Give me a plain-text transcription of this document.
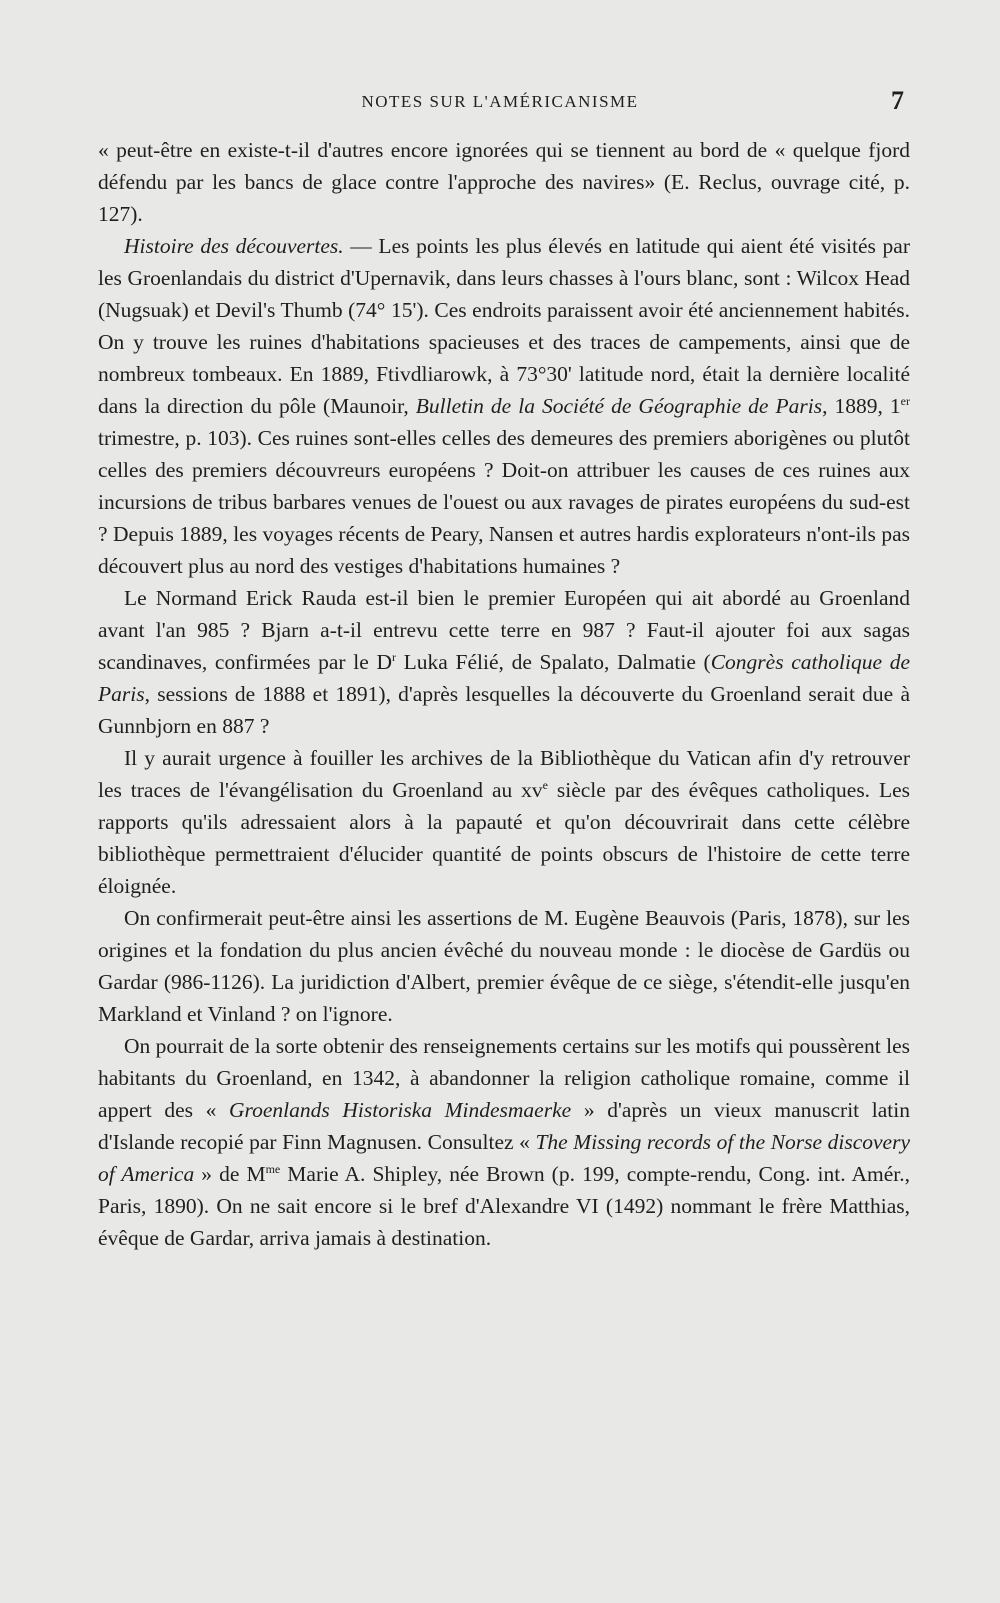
NOTES SUR L'AMÉRICANISME	7

« peut-être en existe-t-il d'autres encore ignorées qui se tiennent au bord de « quelque fjord défendu par les bancs de glace contre l'approche des navires» (E. Reclus, ouvrage cité, p. 127).

Histoire des découvertes. — Les points les plus élevés en latitude qui aient été visités par les Groenlandais du district d'Upernavik, dans leurs chasses à l'ours blanc, sont : Wilcox Head (Nugsuak) et Devil's Thumb (74° 15'). Ces endroits paraissent avoir été anciennement habités. On y trouve les ruines d'habitations spacieuses et des traces de campements, ainsi que de nombreux tombeaux. En 1889, Ftivdliarowk, à 73°30' latitude nord, était la dernière localité dans la direction du pôle (Maunoir, Bulletin de la Société de Géographie de Paris, 1889, 1er trimestre, p. 103). Ces ruines sont-elles celles des demeures des premiers aborigènes ou plutôt celles des premiers découvreurs européens ? Doit-on attribuer les causes de ces ruines aux incursions de tribus barbares venues de l'ouest ou aux ravages de pirates européens du sud-est ? Depuis 1889, les voyages récents de Peary, Nansen et autres hardis explorateurs n'ont-ils pas découvert plus au nord des vestiges d'habitations humaines ?

Le Normand Erick Rauda est-il bien le premier Européen qui ait abordé au Groenland avant l'an 985 ? Bjarn a-t-il entrevu cette terre en 987 ? Faut-il ajouter foi aux sagas scandinaves, confirmées par le $D^r$ Luka Félié, de Spalato, Dalmatie (Congrès catholique de Paris, sessions de 1888 et 1891), d'après lesquelles la découverte du Groenland serait due à Gunnbjorn en 887 ?

Il y aurait urgence à fouiller les archives de la Bibliothèque du Vatican afin d'y retrouver les traces de l'évangélisation du Groenland au $xv^e$ siècle par des évêques catholiques. Les rapports qu'ils adressaient alors à la papauté et qu'on découvrirait dans cette célèbre bibliothèque permettraient d'élucider quantité de points obscurs de l'histoire de cette terre éloignée.

On confirmerait peut-être ainsi les assertions de M. Eugène Beauvois (Paris, 1878), sur les origines et la fondation du plus ancien évêché du nouveau monde : le diocèse de Gardüs ou Gardar (986-1126). La juridiction d'Albert, premier évêque de ce siège, s'étendit-elle jusqu'en Markland et Vinland ? on l'ignore.

On pourrait de la sorte obtenir des renseignements certains sur les motifs qui poussèrent les habitants du Groenland, en 1342, à abandonner la religion catholique romaine, comme il appert des « Groenlands Historiska Mindesmaerke » d'après un vieux manuscrit latin d'Islande recopié par Finn Magnusen. Consultez « The Missing records of the Norse discovery of America » de $M^{me}$ Marie A. Shipley, née Brown (p. 199, compte-rendu, Cong. int. Amér., Paris, 1890). On ne sait encore si le bref d'Alexandre VI (1492) nommant le frère Matthias, évêque de Gardar, arriva jamais à destination.
